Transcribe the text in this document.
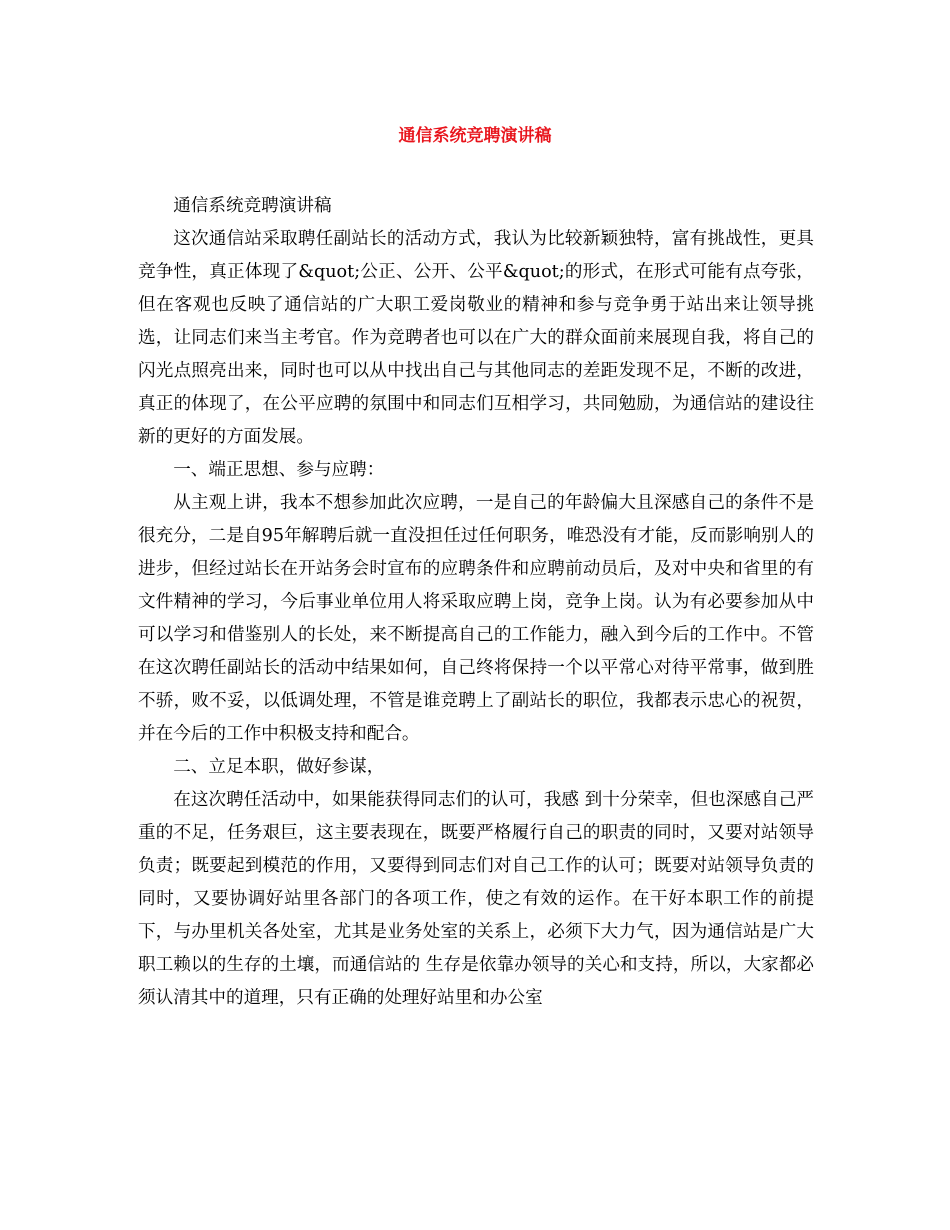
通信系统竞聘演讲稿

通信系统竞聘演讲稿

这次通信站采取聘任副站长的活动方式，我认为比较新颖独特，富有挑战性，更具竞争性，真正体现了&quot;公正、公开、公平&quot;的形式，在形式可能有点夸张，但在客观也反映了通信站的广大职工爱岗敬业的精神和参与竞争勇于站出来让领导挑选，让同志们来当主考官。作为竞聘者也可以在广大的群众面前来展现自我，将自己的闪光点照亮出来，同时也可以从中找出自己与其他同志的差距发现不足，不断的改进，真正的体现了，在公平应聘的氛围中和同志们互相学习，共同勉励，为通信站的建设往新的更好的方面发展。

一、端正思想、参与应聘：

从主观上讲，我本不想参加此次应聘，一是自己的年龄偏大且深感自己的条件不是很充分，二是自95年解聘后就一直没担任过任何职务，唯恐没有才能，反而影响别人的进步，但经过站长在开站务会时宣布的应聘条件和应聘前动员后，及对中央和省里的有文件精神的学习，今后事业单位用人将采取应聘上岗，竞争上岗。认为有必要参加从中可以学习和借鉴别人的长处，来不断提高自己的工作能力，融入到今后的工作中。不管在这次聘任副站长的活动中结果如何，自己终将保持一个以平常心对待平常事，做到胜不骄，败不妥，以低调处理，不管是谁竞聘上了副站长的职位，我都表示忠心的祝贺，并在今后的工作中积极支持和配合。

二、立足本职，做好参谋，

在这次聘任活动中，如果能获得同志们的认可，我感 到十分荣幸，但也深感自己严重的不足，任务艰巨，这主要表现在，既要严格履行自己的职责的同时，又要对站领导负责；既要起到模范的作用，又要得到同志们对自己工作的认可；既要对站领导负责的同时，又要协调好站里各部门的各项工作，使之有效的运作。在干好本职工作的前提下，与办里机关各处室，尤其是业务处室的关系上，必须下大力气，因为通信站是广大职工赖以的生存的土壤，而通信站的 生存是依靠办领导的关心和支持，所以，大家都必须认清其中的道理，只有正确的处理好站里和办公室
